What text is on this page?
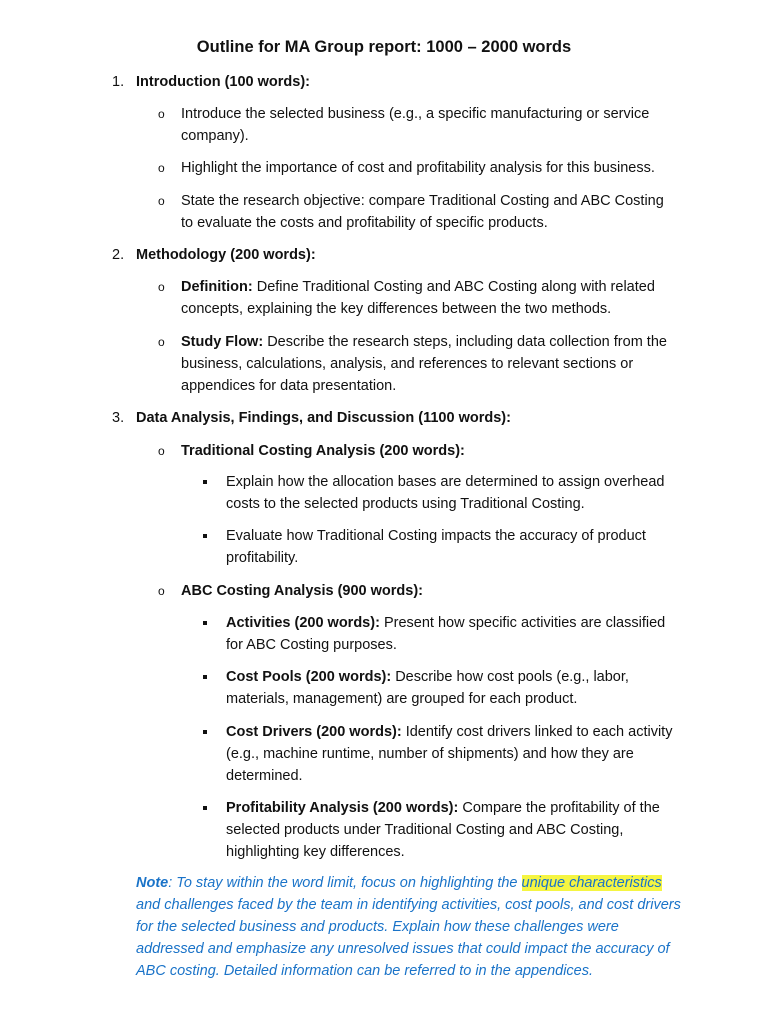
Outline for MA Group report: 1000 – 2000 words
1. Introduction (100 words):
o	Introduce the selected business (e.g., a specific manufacturing or service company).
o	Highlight the importance of cost and profitability analysis for this business.
o	State the research objective: compare Traditional Costing and ABC Costing to evaluate the costs and profitability of specific products.
2. Methodology (200 words):
o	Definition: Define Traditional Costing and ABC Costing along with related concepts, explaining the key differences between the two methods.
o	Study Flow: Describe the research steps, including data collection from the business, calculations, analysis, and references to relevant sections or appendices for data presentation.
3. Data Analysis, Findings, and Discussion (1100 words):
o	Traditional Costing Analysis (200 words):
Explain how the allocation bases are determined to assign overhead costs to the selected products using Traditional Costing.
Evaluate how Traditional Costing impacts the accuracy of product profitability.
o	ABC Costing Analysis (900 words):
Activities (200 words): Present how specific activities are classified for ABC Costing purposes.
Cost Pools (200 words): Describe how cost pools (e.g., labor, materials, management) are grouped for each product.
Cost Drivers (200 words): Identify cost drivers linked to each activity (e.g., machine runtime, number of shipments) and how they are determined.
Profitability Analysis (200 words): Compare the profitability of the selected products under Traditional Costing and ABC Costing, highlighting key differences.
Note: To stay within the word limit, focus on highlighting the unique characteristics and challenges faced by the team in identifying activities, cost pools, and cost drivers for the selected business and products. Explain how these challenges were addressed and emphasize any unresolved issues that could impact the accuracy of ABC costing. Detailed information can be referred to in the appendices.
